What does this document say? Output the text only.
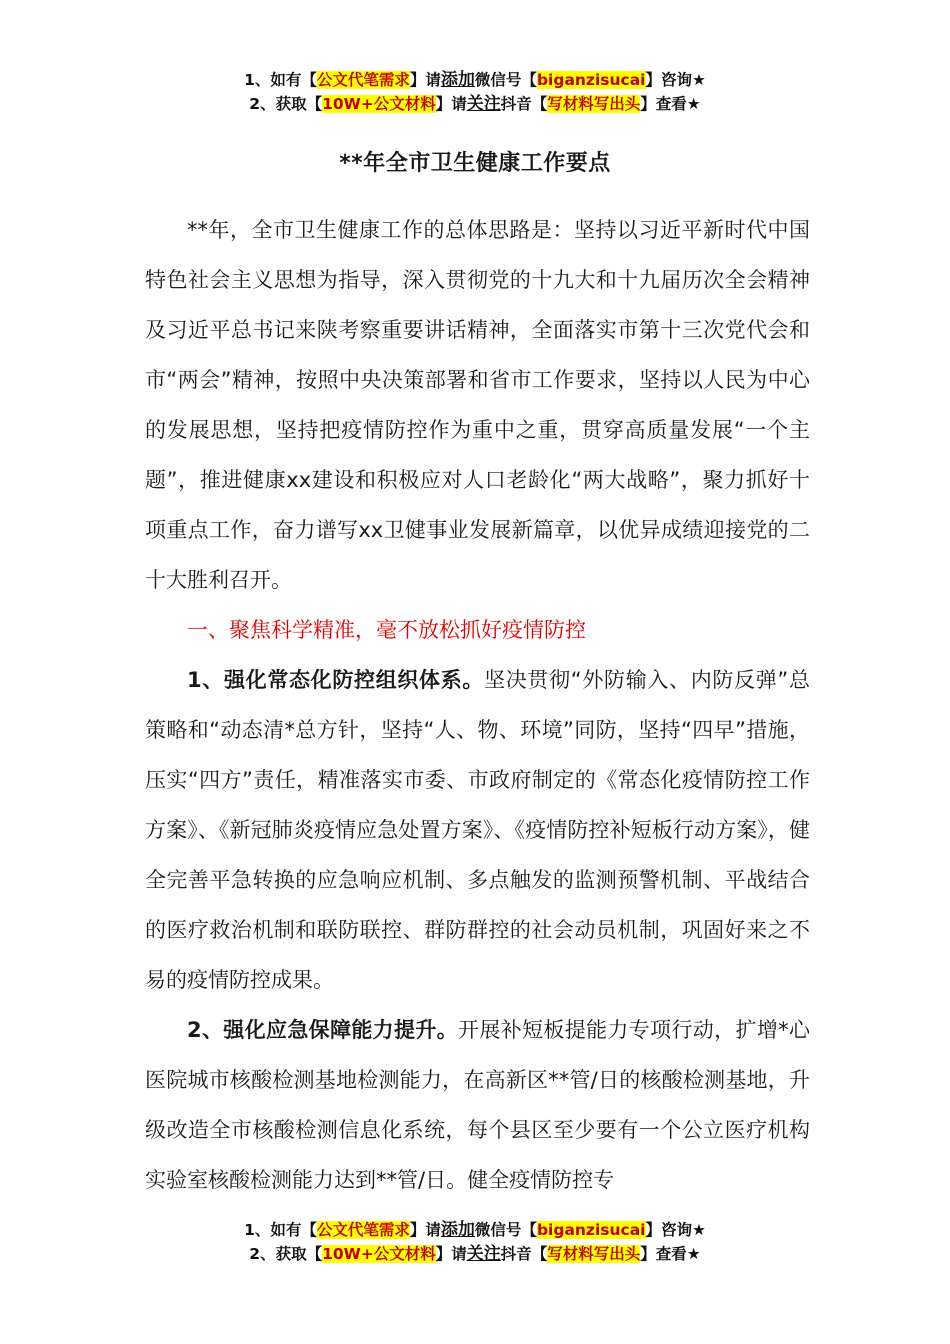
1、如有【公文代笔需求】请添加微信号【biganzisucai】咨询★
2、获取【10W+公文材料】请关注抖音【写材料写出头】查看★
**年全市卫生健康工作要点

**年，全市卫生健康工作的总体思路是：坚持以习近平新时代中国特色社会主义思想为指导，深入贯彻党的十九大和十九届历次全会精神及习近平总书记来陕考察重要讲话精神，全面落实市第十三次党代会和市“两会”精神，按照中央决策部署和省市工作要求，坚持以人民为中心的发展思想，坚持把疫情防控作为重中之重，贯穿高质量发展“一个主题”，推进健康xx建设和积极应对人口老龄化“两大战略”，聚力抓好十项重点工作，奋力谱写xx卫健事业发展新篇章，以优异成绩迎接党的二十大胜利召开。

一、聚焦科学精准，毫不放松抓好疫情防控

1、强化常态化防控组织体系。坚决贯彻“外防输入、内防反弹”总策略和“动态清*总方针，坚持“人、物、环境”同防，坚持“四早”措施，压实“四方”责任，精准落实市委、市政府制定的《常态化疫情防控工作方案》、《新冠肺炎疫情应急处置方案》、《疫情防控补短板行动方案》，健全完善平急转换的应急响应机制、多点触发的监测预警机制、平战结合的医疗救治机制和联防联控、群防群控的社会动员机制，巩固好来之不易的疫情防控成果。

2、强化应急保障能力提升。开展补短板提能力专项行动，扩增*心医院城市核酸检测基地检测能力，在高新区**管/日的核酸检测基地，升级改造全市核酸检测信息化系统，每个县区至少要有一个公立医疗机构实验室核酸检测能力达到**管/日。健全疫情防控专

1、如有【公文代笔需求】请添加微信号【biganzisucai】咨询★
2、获取【10W+公文材料】请关注抖音【写材料写出头】查看★
